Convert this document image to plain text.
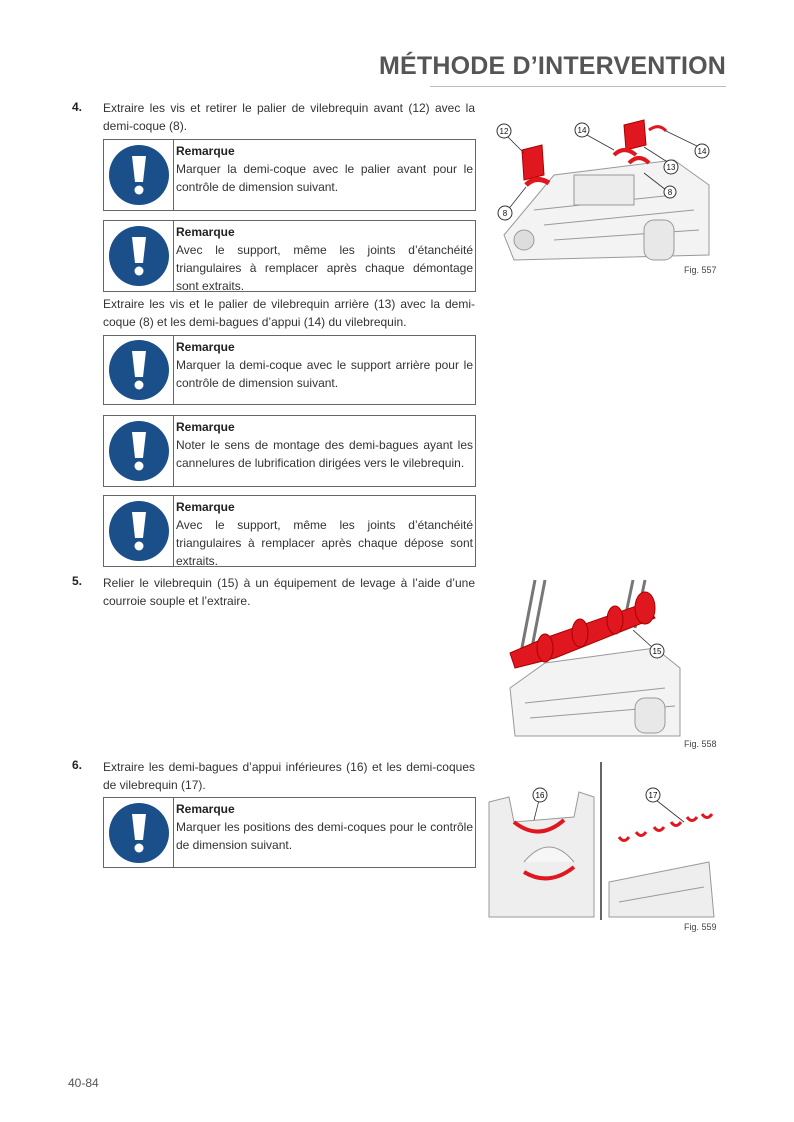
MÉTHODE D’INTERVENTION
4. Extraire les vis et retirer le palier de vilebrequin avant (12) avec la demi-coque (8).
Remarque
Marquer la demi-coque avec le palier avant pour le contrôle de dimension suivant.
Remarque
Avec le support, même les joints d’étanchéité triangulaires à remplacer après chaque démontage sont extraits.
Extraire les vis et le palier de vilebrequin arrière (13) avec la demi-coque (8) et les demi-bagues d’appui (14) du vilebrequin.
Remarque
Marquer la demi-coque avec le support arrière pour le contrôle de dimension suivant.
Remarque
Noter le sens de montage des demi-bagues ayant les cannelures de lubrification dirigées vers le vilebrequin.
Remarque
Avec le support, même les joints d’étanchéité triangulaires à remplacer après chaque dépose sont extraits.
5. Relier le vilebrequin (15) à un équipement de levage à l’aide d’une courroie souple et l’extraire.
6. Extraire les demi-bagues d’appui inférieures (16) et les demi-coques de vilebrequin (17).
Remarque
Marquer les positions des demi-coques pour le contrôle de dimension suivant.
12	14
13
14
8
8
Fig. 557
15
Fig. 558
16	17
Fig. 559
40-84
